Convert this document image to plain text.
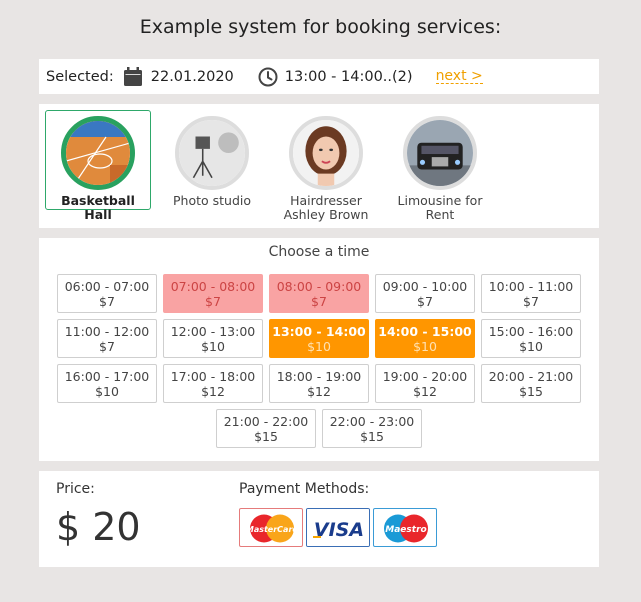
Example system for booking services:
Selected:	22.01.2020	13:00 - 14:00..(2) next >
Basketball Hall
Photo studio	Hairdresser Ashley Brown
Limousine for Rent
Choose a time
06:00 - 07:00
$7
07:00 - 08:00
$7
08:00 - 09:00
$7
09:00 - 10:00
$7
10:00 - 11:00
$7
11:00 - 12:00
$7
12:00 - 13:00
$10
13:00 - 14:00
$10
14:00 - 15:00
$10
15:00 - 16:00
$10
16:00 - 17:00
$10
17:00 - 18:00
$12
18:00 - 19:00
$12
19:00 - 20:00
$12
20:00 - 21:00
$15
21:00 - 22:00
$15
22:00 - 23:00
$15
Price:
$ 20
Payment Methods:
MasterCard VISA Maestro
